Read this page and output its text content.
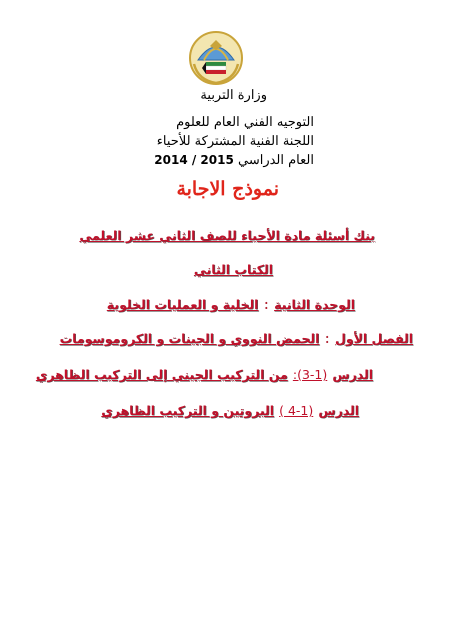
وزارة التربية
التوجيه الفني العام للعلوم
اللجنة الفنية المشتركة للأحياء
العام الدراسي 2014 / 2015
نموذج الاجابة
بنك أسئلة مادة الأحياء للصف الثاني عشر العلمي
الكتاب الثاني
الوحدة الثانية : الخلية و العمليات الخلوية
الفصل الأول : الحمض النووي و الجينات و الكروموسومات
الدرس :(3-1) من التركيب الجيني إلى التركيب الظاهري
الدرس ( 4-1) البروتين و التركيب الظاهري
